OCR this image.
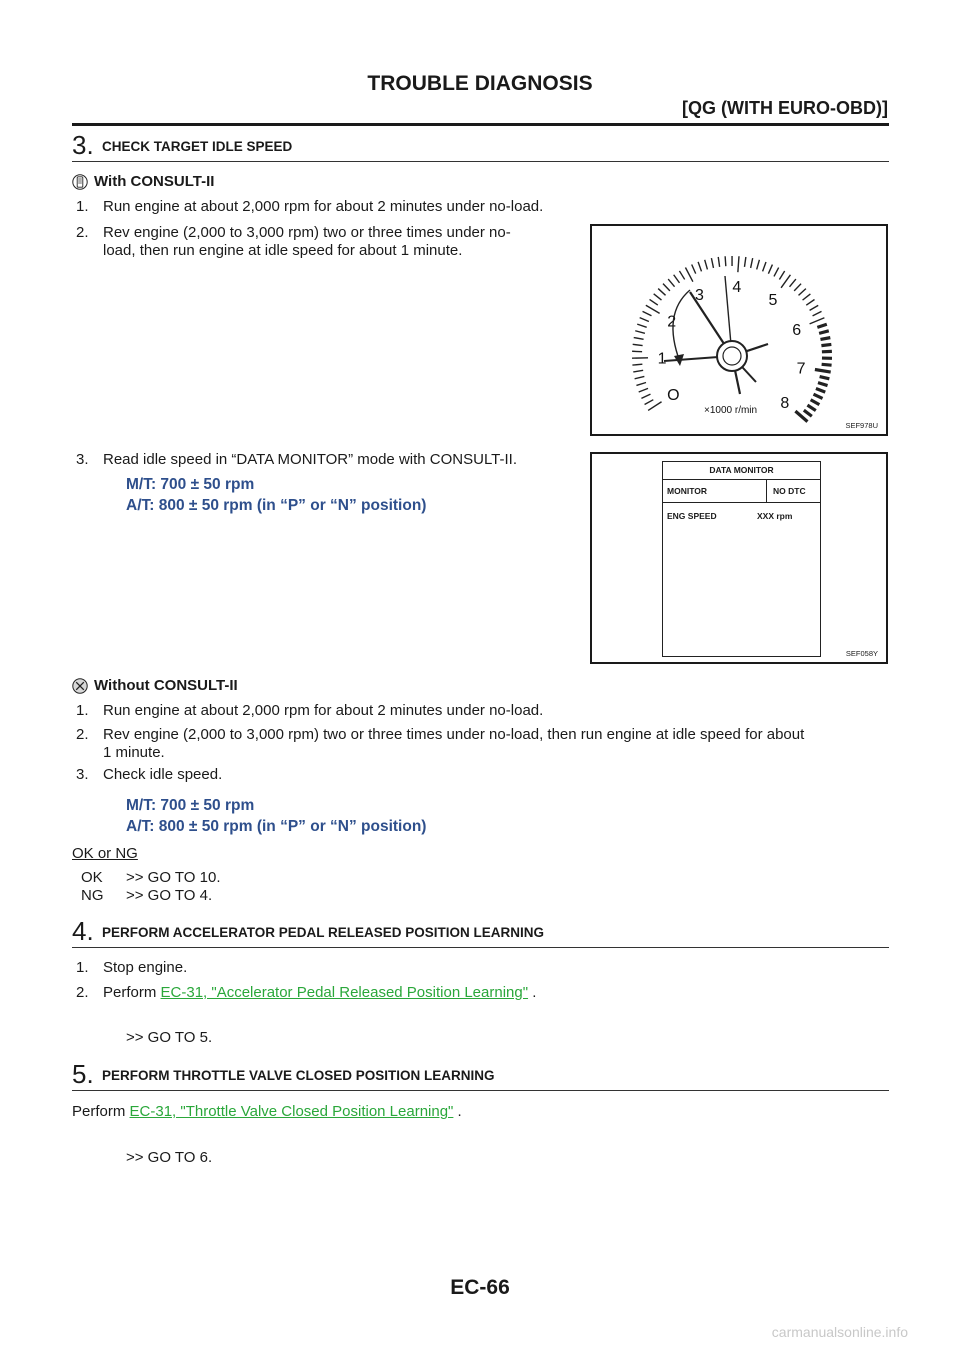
TROUBLE DIAGNOSIS
[QG (WITH EURO-OBD)]
3. CHECK TARGET IDLE SPEED
With CONSULT-II
1. Run engine at about 2,000 rpm for about 2 minutes under no-load.
2. Rev engine (2,000 to 3,000 rpm) two or three times under no-
load, then run engine at idle speed for about 1 minute.
O
1
2
3 4
5
6
7
8
×1000 r/min
SEF978U
3. Read idle speed in “DATA MONITOR” mode with CONSULT-II.
M/T: 700 ± 50 rpm
A/T: 800 ± 50 rpm (in “P” or “N” position)
DATA MONITOR
MONITOR	NO DTC
ENG SPEED	XXX rpm
SEF058Y
Without CONSULT-II
1. Run engine at about 2,000 rpm for about 2 minutes under no-load.
2. Rev engine (2,000 to 3,000 rpm) two or three times under no-load, then run engine at idle speed for about
1 minute.
3. Check idle speed.
M/T: 700 ± 50 rpm
A/T: 800 ± 50 rpm (in “P” or “N” position)
OK or NG
OK >> GO TO 10.
NG >> GO TO 4.
4. PERFORM ACCELERATOR PEDAL RELEASED POSITION LEARNING
1. Stop engine.
2. Perform EC-31, "Accelerator Pedal Released Position Learning" .
>> GO TO 5.
5. PERFORM THROTTLE VALVE CLOSED POSITION LEARNING
Perform EC-31, "Throttle Valve Closed Position Learning" .
>> GO TO 6.
EC-66
carmanualsonline.info
